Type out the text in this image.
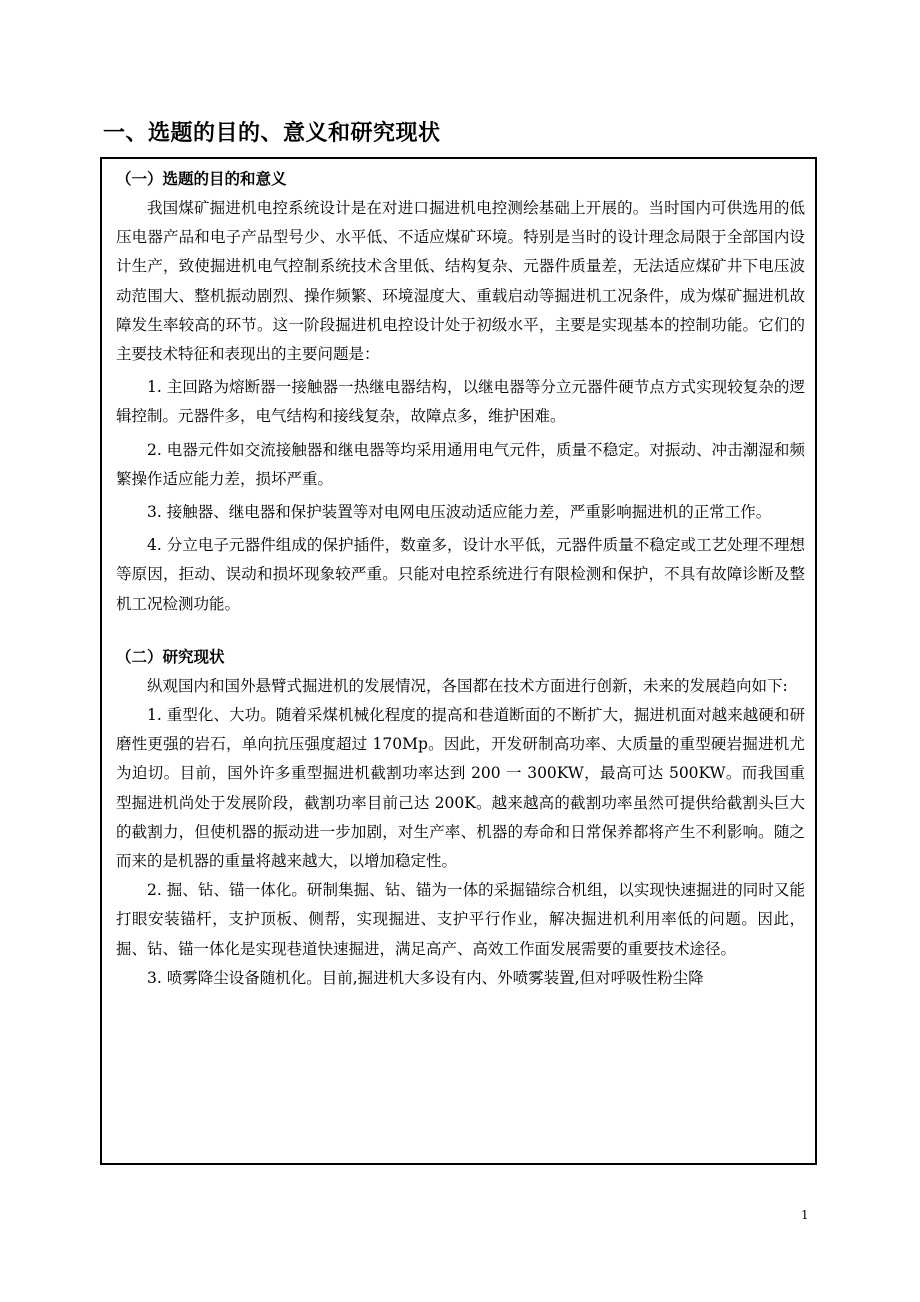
一、选题的目的、意义和研究现状

（一）选题的目的和意义

我国煤矿掘进机电控系统设计是在对进口掘进机电控测绘基础上开展的。当时国内可供选用的低压电器产品和电子产品型号少、水平低、不适应煤矿环境。特别是当时的设计理念局限于全部国内设计生产，致使掘进机电气控制系统技术含里低、结构复杂、元器件质量差，无法适应煤矿井下电压波动范围大、整机振动剧烈、操作频繁、环境湿度大、重载启动等掘进机工况条件，成为煤矿掘进机故障发生率较高的环节。这一阶段掘进机电控设计处于初级水平，主要是实现基本的控制功能。它们的主要技术特征和表现出的主要问题是：

1. 主回路为熔断器一接触器一热继电器结构，以继电器等分立元器件硬节点方式实现较复杂的逻辑控制。元器件多，电气结构和接线复杂，故障点多，维护困难。

2. 电器元件如交流接触器和继电器等均采用通用电气元件，质量不稳定。对振动、冲击潮湿和频繁操作适应能力差，损坏严重。

3. 接触器、继电器和保护装置等对电网电压波动适应能力差，严重影响掘进机的正常工作。

4. 分立电子元器件组成的保护插件，数童多，设计水平低，元器件质量不稳定或工艺处理不理想等原因，拒动、误动和损坏现象较严重。只能对电控系统进行有限检测和保护，不具有故障诊断及整机工况检测功能。

（二）研究现状

纵观国内和国外悬臂式掘进机的发展情况，各国都在技术方面进行创新，未来的发展趋向如下:

1. 重型化、大功。随着采煤机械化程度的提高和巷道断面的不断扩大，掘进机面对越来越硬和研磨性更强的岩石，单向抗压强度超过 170Mp。因此，开发研制高功率、大质量的重型硬岩掘进机尤为迫切。目前，国外许多重型掘进机截割功率达到 200 一 300KW，最高可达 500KW。而我国重型掘进机尚处于发展阶段，截割功率目前己达 200K。越来越高的截割功率虽然可提供给截割头巨大的截割力，但使机器的振动进一步加剧，对生产率、机器的寿命和日常保养都将产生不利影响。随之而来的是机器的重量将越来越大，以增加稳定性。

2. 掘、钻、锚一体化。研制集掘、钻、锚为一体的采掘锚综合机组，以实现快速掘进的同时又能打眼安装锚杆，支护顶板、侧帮，实现掘进、支护平行作业，解决掘进机利用率低的问题。因此，掘、钻、锚一体化是实现巷道快速掘进，满足高产、高效工作面发展需要的重要技术途径。

3. 喷雾降尘设备随机化。目前,掘进机大多设有内、外喷雾装置,但对呼吸性粉尘降

1
